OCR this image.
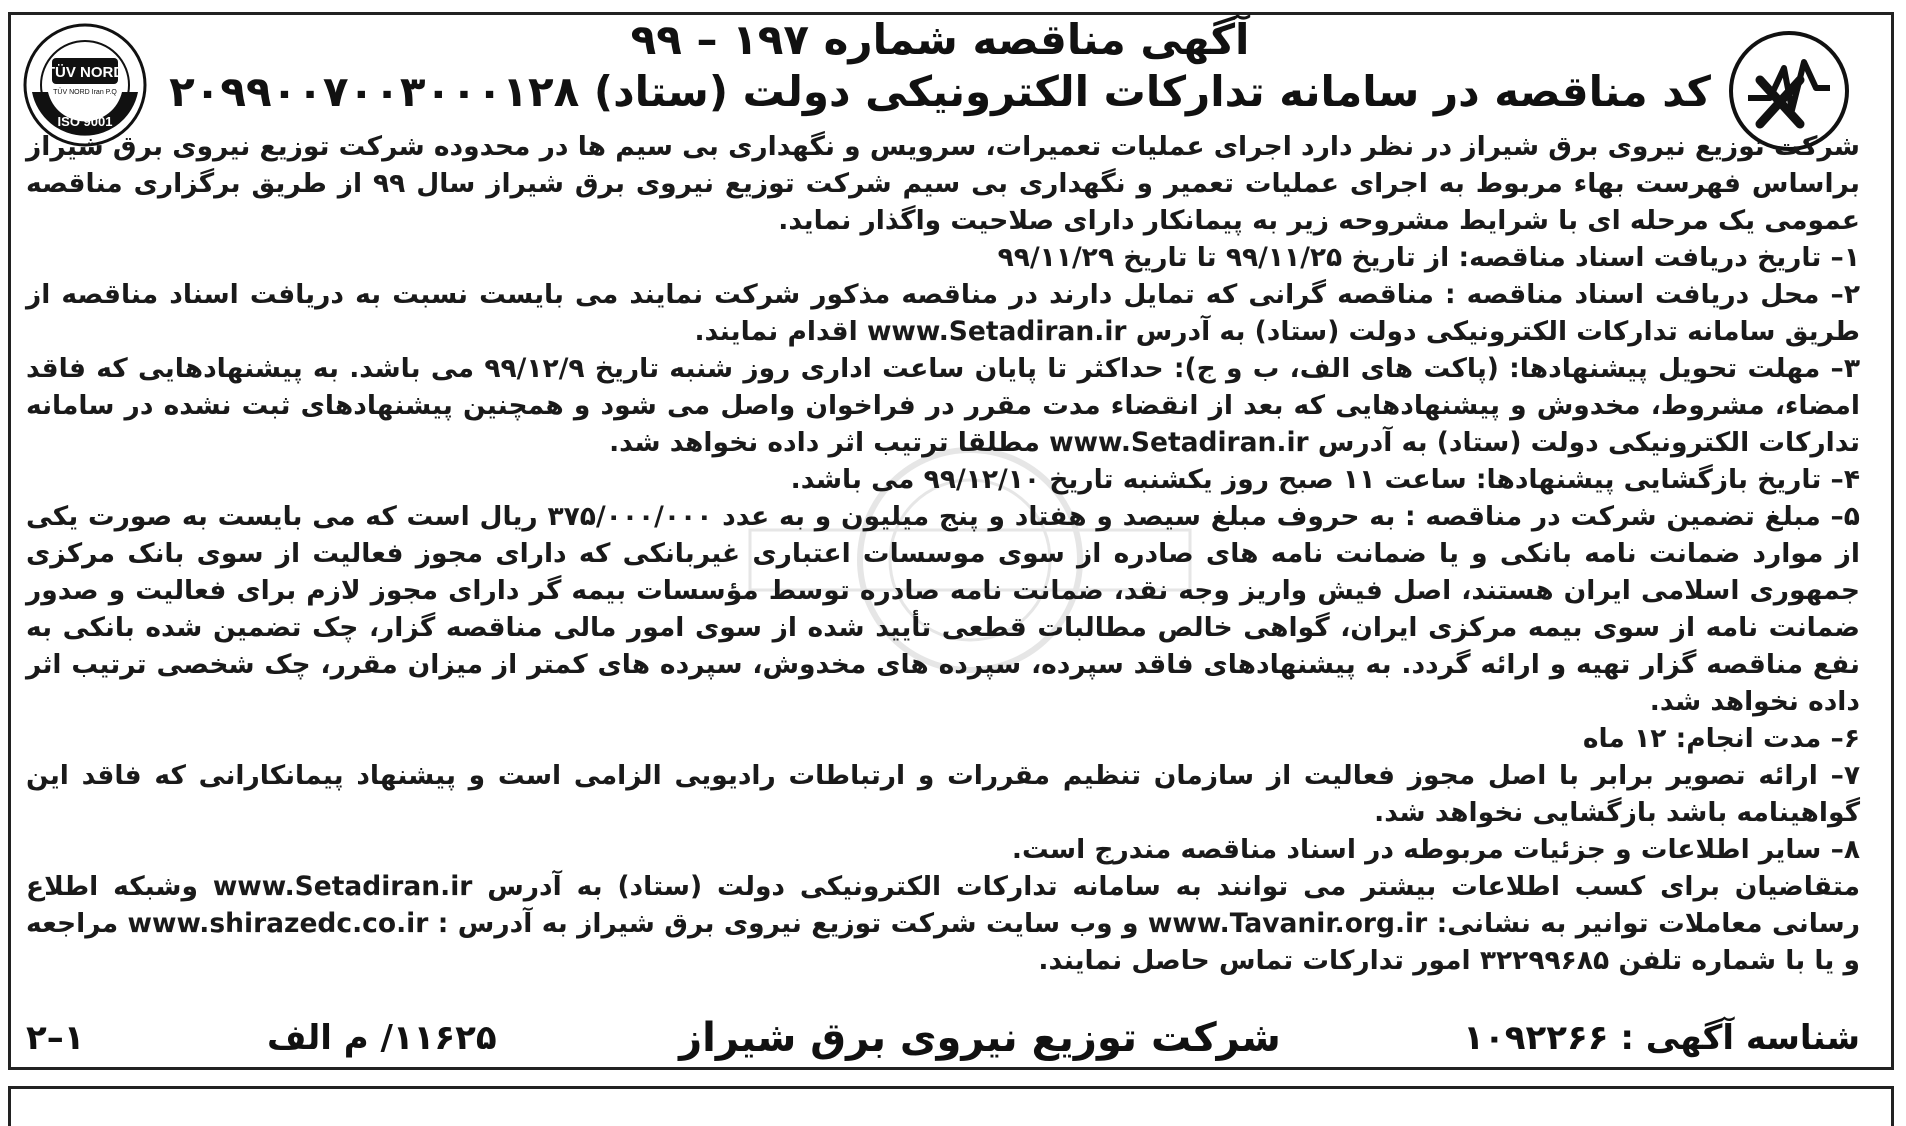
TÜV NORD
TÜV NORD Iran P.Q
ISO 9001
آگهی مناقصه شماره ۱۹۷ – ۹۹
کد مناقصه در سامانه تدارکات الکترونیکی دولت (ستاد) ۲۰۹۹۰۰۷۰۰۳۰۰۰۱۲۸

شرکت توزیع نیروی برق شیراز در نظر دارد اجرای عملیات تعمیرات، سرویس و نگهداری بی سیم ها در محدوده شرکت توزیع نیروی برق شیراز براساس فهرست بهاء مربوط به اجرای عملیات تعمیر و نگهداری بی سیم شرکت توزیع نیروی برق شیراز سال ۹۹ از طریق برگزاری مناقصه عمومی یک مرحله ای با شرایط مشروحه زیر به پیمانکار دارای صلاحیت واگذار نماید.

۱– تاریخ دریافت اسناد مناقصه: از تاریخ ۹۹/۱۱/۲۵ تا تاریخ ۹۹/۱۱/۲۹

۲– محل دریافت اسناد مناقصه : مناقصه گرانی که تمایل دارند در مناقصه مذکور شرکت نمایند می بایست نسبت به دریافت اسناد مناقصه از طریق سامانه تدارکات الکترونیکی دولت (ستاد) به آدرس www.Setadiran.ir اقدام نمایند.

۳– مهلت تحویل پیشنهادها: (پاکت های الف، ب و ج): حداکثر تا پایان ساعت اداری روز شنبه تاریخ ۹۹/۱۲/۹ می باشد. به پیشنهادهایی که فاقد امضاء، مشروط، مخدوش و پیشنهادهایی که بعد از انقضاء مدت مقرر در فراخوان واصل می شود و همچنین پیشنهادهای ثبت نشده در سامانه تدارکات الکترونیکی دولت (ستاد) به آدرس www.Setadiran.ir مطلقا ترتیب اثر داده نخواهد شد.

۴– تاریخ بازگشایی پیشنهادها: ساعت ۱۱ صبح روز یکشنبه تاریخ ۹۹/۱۲/۱۰ می باشد.

۵– مبلغ تضمین شرکت در مناقصه : به حروف مبلغ سیصد و هفتاد و پنج میلیون و به عدد ۳۷۵/۰۰۰/۰۰۰ ریال است که می بایست به صورت یکی از موارد ضمانت نامه بانکی و یا ضمانت نامه های صادره از سوی موسسات اعتباری غیربانکی که دارای مجوز فعالیت از سوی بانک مرکزی جمهوری اسلامی ایران هستند، اصل فیش واریز وجه نقد، ضمانت نامه صادره توسط مؤسسات بیمه گر دارای مجوز لازم برای فعالیت و صدور ضمانت نامه از سوی بیمه مرکزی ایران، گواهی خالص مطالبات قطعی تأیید شده از سوی امور مالی مناقصه گزار، چک تضمین شده بانکی به نفع مناقصه گزار تهیه و ارائه گردد. به پیشنهادهای فاقد سپرده، سپرده های مخدوش، سپرده های کمتر از میزان مقرر، چک شخصی ترتیب اثر داده نخواهد شد.

۶– مدت انجام: ۱۲ ماه

۷– ارائه تصویر برابر با اصل مجوز فعالیت از سازمان تنظیم مقررات و ارتباطات رادیویی الزامی است و پیشنهاد پیمانکارانی که فاقد این گواهینامه باشد بازگشایی نخواهد شد.

۸– سایر اطلاعات و جزئیات مربوطه در اسناد مناقصه مندرج است.

متقاضیان برای کسب اطلاعات بیشتر می توانند به سامانه تدارکات الکترونیکی دولت (ستاد) به آدرس www.Setadiran.ir وشبکه اطلاع رسانی معاملات توانیر به نشانی: www.Tavanir.org.ir و وب سایت شرکت توزیع نیروی برق شیراز به آدرس : www.shirazedc.co.ir مراجعه و یا با شماره تلفن ۳۲۲۹۹۶۸۵ امور تدارکات تماس حاصل نمایند.

شناسه آگهی : ۱۰۹۲۲۶۶
شرکت توزیع نیروی برق شیراز
۱۱۶۲۵/ م الف
۱–۲
